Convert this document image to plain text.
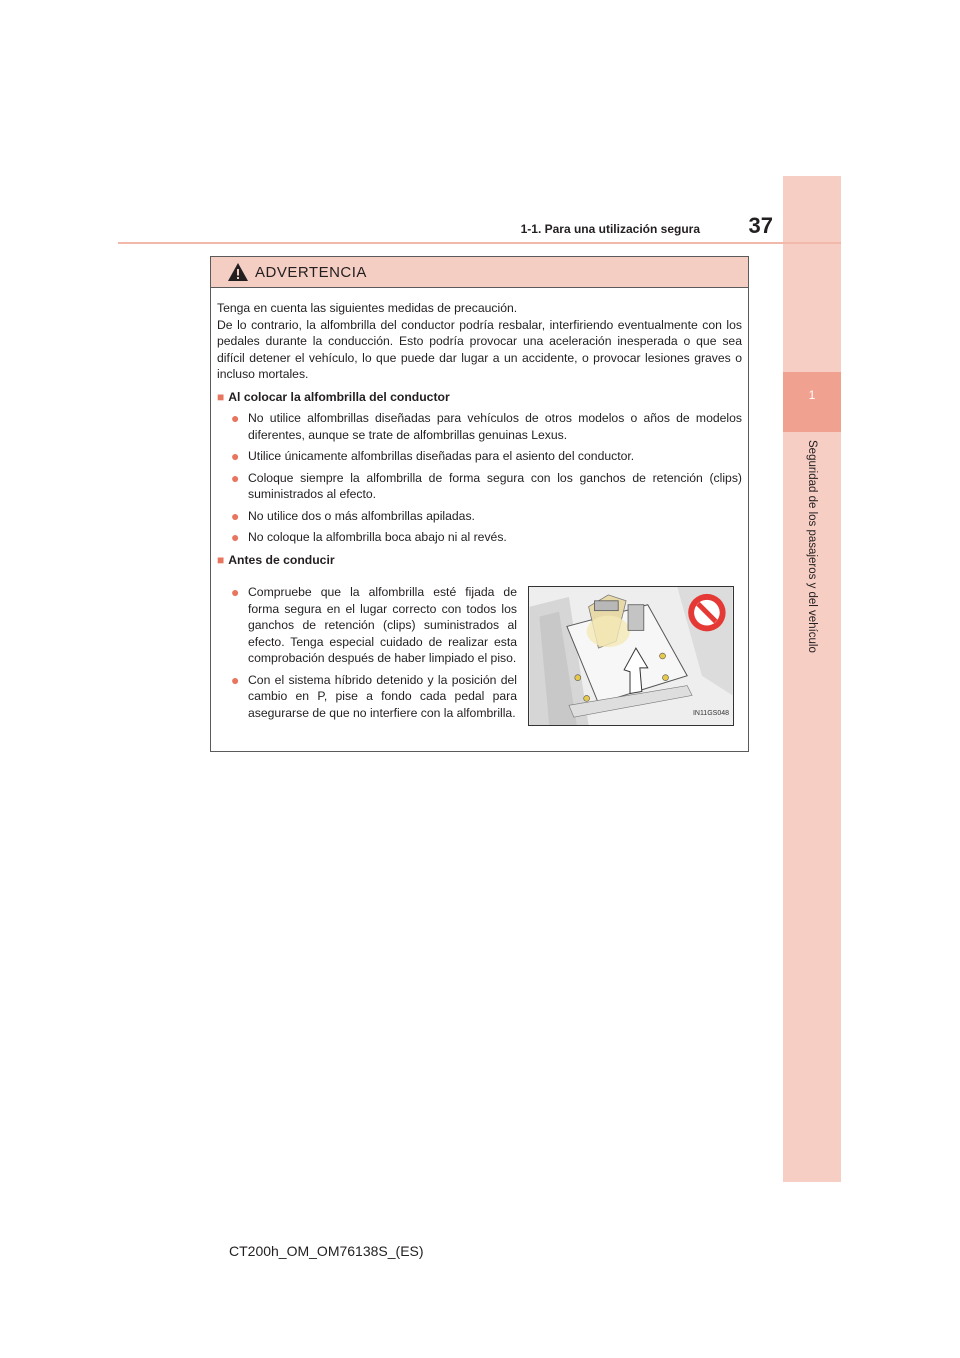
1
Seguridad de los pasajeros y del vehículo
1-1. Para una utilización segura	37
ADVERTENCIA

Tenga en cuenta las siguientes medidas de precaución.

De lo contrario, la alfombrilla del conductor podría resbalar, interfiriendo eventualmente con los pedales durante la conducción. Esto podría provocar una aceleración inesperada o que sea difícil detener el vehículo, lo que puede dar lugar a un accidente, o provocar lesiones graves o incluso mortales.

■ Al colocar la alfombrilla del conductor
● No utilice alfombrillas diseñadas para vehículos de otros modelos o años de modelos diferentes, aunque se trate de alfombrillas genuinas Lexus.
● Utilice únicamente alfombrillas diseñadas para el asiento del conductor.
● Coloque siempre la alfombrilla de forma segura con los ganchos de retención (clips) suministrados al efecto.
● No utilice dos o más alfombrillas apiladas.
● No coloque la alfombrilla boca abajo ni al revés.
■ Antes de conducir
● Compruebe que la alfombrilla esté fijada de forma segura en el lugar correcto con todos los ganchos de retención (clips) suministrados al efecto. Tenga especial cuidado de realizar esta comprobación después de haber limpiado el piso.
● Con el sistema híbrido detenido y la posición del cambio en P, pise a fondo cada pedal para asegurarse de que no interfiere con la alfombrilla.	IN11GS048
CT200h_OM_OM76138S_(ES)
